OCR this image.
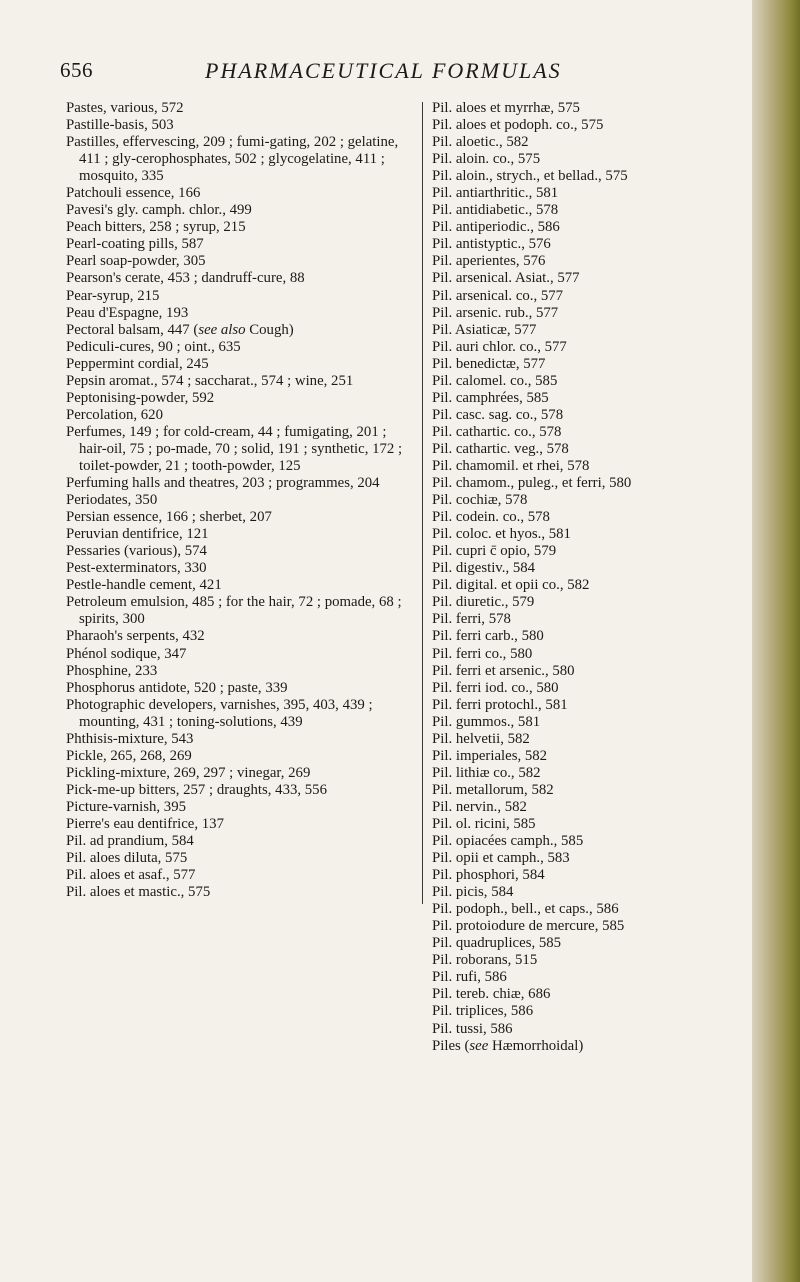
656	PHARMACEUTICAL FORMULAS
Pastes, various, 572
Pastille-basis, 503
Pastilles, effervescing, 209 ; fumi-gating, 202 ; gelatine, 411 ; gly-cerophosphates, 502 ; glycogelatine, 411 ; mosquito, 335
Patchouli essence, 166
Pavesi's gly. camph. chlor., 499
Peach bitters, 258 ; syrup, 215
Pearl-coating pills, 587
Pearl soap-powder, 305
Pearson's cerate, 453 ; dandruff-cure, 88
Pear-syrup, 215
Peau d'Espagne, 193
Pectoral balsam, 447 (see also Cough)
Pediculi-cures, 90 ; oint., 635
Peppermint cordial, 245
Pepsin aromat., 574 ; saccharat., 574 ; wine, 251
Peptonising-powder, 592
Percolation, 620
Perfumes, 149 ; for cold-cream, 44 ; fumigating, 201 ; hair-oil, 75 ; po-made, 70 ; solid, 191 ; synthetic, 172 ; toilet-powder, 21 ; tooth-powder, 125
Perfuming halls and theatres, 203 ; programmes, 204
Periodates, 350
Persian essence, 166 ; sherbet, 207
Peruvian dentifrice, 121
Pessaries (various), 574
Pest-exterminators, 330
Pestle-handle cement, 421
Petroleum emulsion, 485 ; for the hair, 72 ; pomade, 68 ; spirits, 300
Pharaoh's serpents, 432
Phénol sodique, 347
Phosphine, 233
Phosphorus antidote, 520 ; paste, 339
Photographic developers, varnishes, 395, 403, 439 ; mounting, 431 ; toning-solutions, 439
Phthisis-mixture, 543
Pickle, 265, 268, 269
Pickling-mixture, 269, 297 ; vinegar, 269
Pick-me-up bitters, 257 ; draughts, 433, 556
Picture-varnish, 395
Pierre's eau dentifrice, 137
Pil. ad prandium, 584
Pil. aloes diluta, 575
Pil. aloes et asaf., 577
Pil. aloes et mastic., 575
Pil. aloes et myrrhæ, 575
Pil. aloes et podoph. co., 575
Pil. aloetic., 582
Pil. aloin. co., 575
Pil. aloin., strych., et bellad., 575
Pil. antiarthritic., 581
Pil. antidiabetic., 578
Pil. antiperiodic., 586
Pil. antistyptic., 576
Pil. aperientes, 576
Pil. arsenical. Asiat., 577
Pil. arsenical. co., 577
Pil. arsenic. rub., 577
Pil. Asiaticæ, 577
Pil. auri chlor. co., 577
Pil. benedictæ, 577
Pil. calomel. co., 585
Pil. camphrées, 585
Pil. casc. sag. co., 578
Pil. cathartic. co., 578
Pil. cathartic. veg., 578
Pil. chamomil. et rhei, 578
Pil. chamom., puleg., et ferri, 580
Pil. cochiæ, 578
Pil. codein. co., 578
Pil. coloc. et hyos., 581
Pil. cupri c̄ opio, 579
Pil. digestiv., 584
Pil. digital. et opii co., 582
Pil. diuretic., 579
Pil. ferri, 578
Pil. ferri carb., 580
Pil. ferri co., 580
Pil. ferri et arsenic., 580
Pil. ferri iod. co., 580
Pil. ferri protochl., 581
Pil. gummos., 581
Pil. helvetii, 582
Pil. imperiales, 582
Pil. lithiæ co., 582
Pil. metallorum, 582
Pil. nervin., 582
Pil. ol. ricini, 585
Pil. opiacées camph., 585
Pil. opii et camph., 583
Pil. phosphori, 584
Pil. picis, 584
Pil. podoph., bell., et caps., 586
Pil. protoiodure de mercure, 585
Pil. quadruplices, 585
Pil. roborans, 515
Pil. rufi, 586
Pil. tereb. chiæ, 686
Pil. triplices, 586
Pil. tussi, 586
Piles (see Hæmorrhoidal)
